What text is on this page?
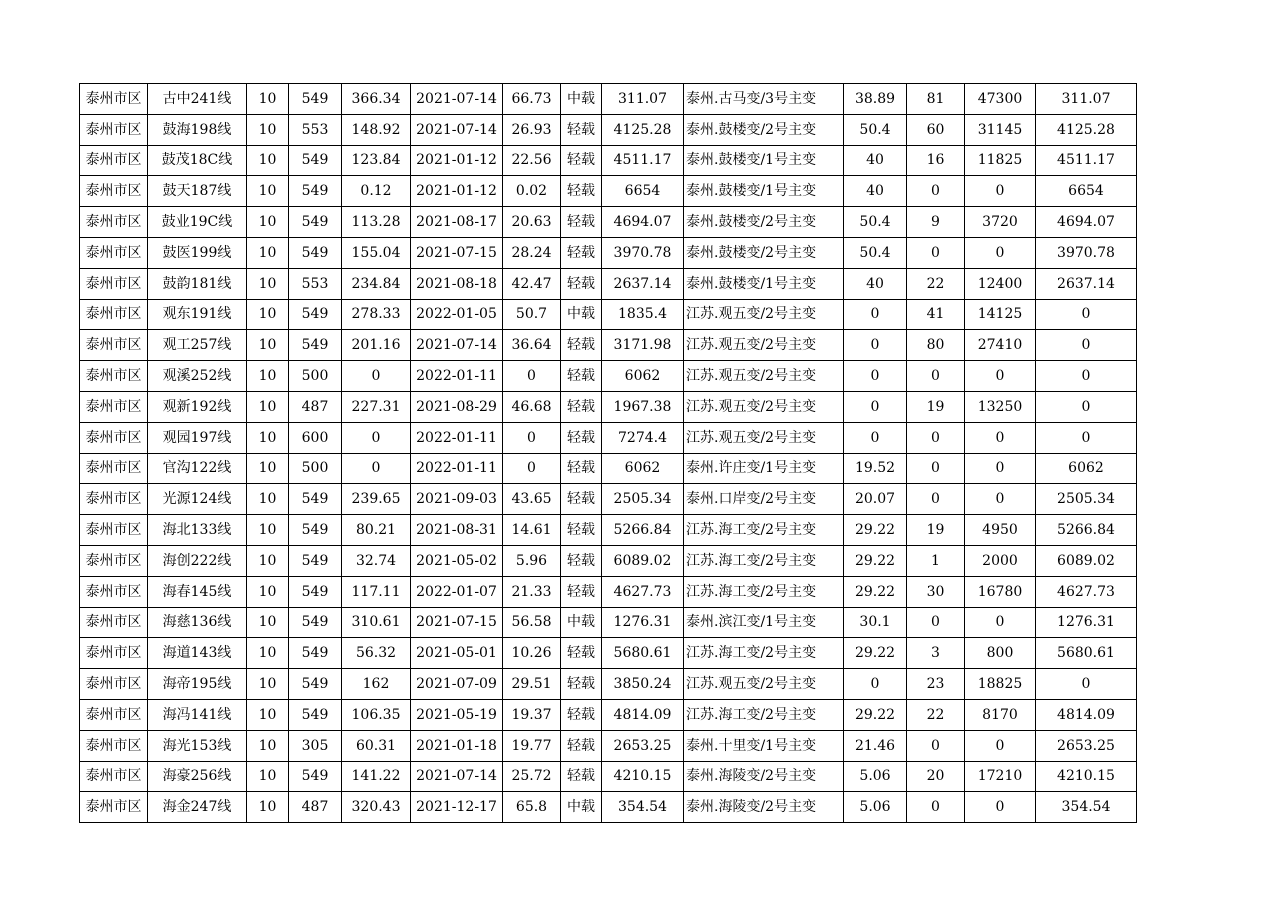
泰州市区	古中241线	10	549	366.34	2021-07-14	66.73	中载	311.07	泰州.古马变/3号主变	38.89	81	47300	311.07
泰州市区	鼓海198线	10	553	148.92	2021-07-14	26.93	轻载	4125.28	泰州.鼓楼变/2号主变	50.4	60	31145	4125.28
泰州市区	鼓茂18C线	10	549	123.84	2021-01-12	22.56	轻载	4511.17	泰州.鼓楼变/1号主变	40	16	11825	4511.17
泰州市区	鼓天187线	10	549	0.12	2021-01-12	0.02	轻载	6654	泰州.鼓楼变/1号主变	40	0	0	6654
泰州市区	鼓业19C线	10	549	113.28	2021-08-17	20.63	轻载	4694.07	泰州.鼓楼变/2号主变	50.4	9	3720	4694.07
泰州市区	鼓医199线	10	549	155.04	2021-07-15	28.24	轻载	3970.78	泰州.鼓楼变/2号主变	50.4	0	0	3970.78
泰州市区	鼓韵181线	10	553	234.84	2021-08-18	42.47	轻载	2637.14	泰州.鼓楼变/1号主变	40	22	12400	2637.14
泰州市区	观东191线	10	549	278.33	2022-01-05	50.7	中载	1835.4	江苏.观五变/2号主变	0	41	14125	0
泰州市区	观工257线	10	549	201.16	2021-07-14	36.64	轻载	3171.98	江苏.观五变/2号主变	0	80	27410	0
泰州市区	观溪252线	10	500	0	2022-01-11	0	轻载	6062	江苏.观五变/2号主变	0	0	0	0
泰州市区	观新192线	10	487	227.31	2021-08-29	46.68	轻载	1967.38	江苏.观五变/2号主变	0	19	13250	0
泰州市区	观园197线	10	600	0	2022-01-11	0	轻载	7274.4	江苏.观五变/2号主变	0	0	0	0
泰州市区	官沟122线	10	500	0	2022-01-11	0	轻载	6062	泰州.许庄变/1号主变	19.52	0	0	6062
泰州市区	光源124线	10	549	239.65	2021-09-03	43.65	轻载	2505.34	泰州.口岸变/2号主变	20.07	0	0	2505.34
泰州市区	海北133线	10	549	80.21	2021-08-31	14.61	轻载	5266.84	江苏.海工变/2号主变	29.22	19	4950	5266.84
泰州市区	海创222线	10	549	32.74	2021-05-02	5.96	轻载	6089.02	江苏.海工变/2号主变	29.22	1	2000	6089.02
泰州市区	海春145线	10	549	117.11	2022-01-07	21.33	轻载	4627.73	江苏.海工变/2号主变	29.22	30	16780	4627.73
泰州市区	海慈136线	10	549	310.61	2021-07-15	56.58	中载	1276.31	泰州.滨江变/1号主变	30.1	0	0	1276.31
泰州市区	海道143线	10	549	56.32	2021-05-01	10.26	轻载	5680.61	江苏.海工变/2号主变	29.22	3	800	5680.61
泰州市区	海帝195线	10	549	162	2021-07-09	29.51	轻载	3850.24	江苏.观五变/2号主变	0	23	18825	0
泰州市区	海冯141线	10	549	106.35	2021-05-19	19.37	轻载	4814.09	江苏.海工变/2号主变	29.22	22	8170	4814.09
泰州市区	海光153线	10	305	60.31	2021-01-18	19.77	轻载	2653.25	泰州.十里变/1号主变	21.46	0	0	2653.25
泰州市区	海豪256线	10	549	141.22	2021-07-14	25.72	轻载	4210.15	泰州.海陵变/2号主变	5.06	20	17210	4210.15
泰州市区	海金247线	10	487	320.43	2021-12-17	65.8	中载	354.54	泰州.海陵变/2号主变	5.06	0	0	354.54
